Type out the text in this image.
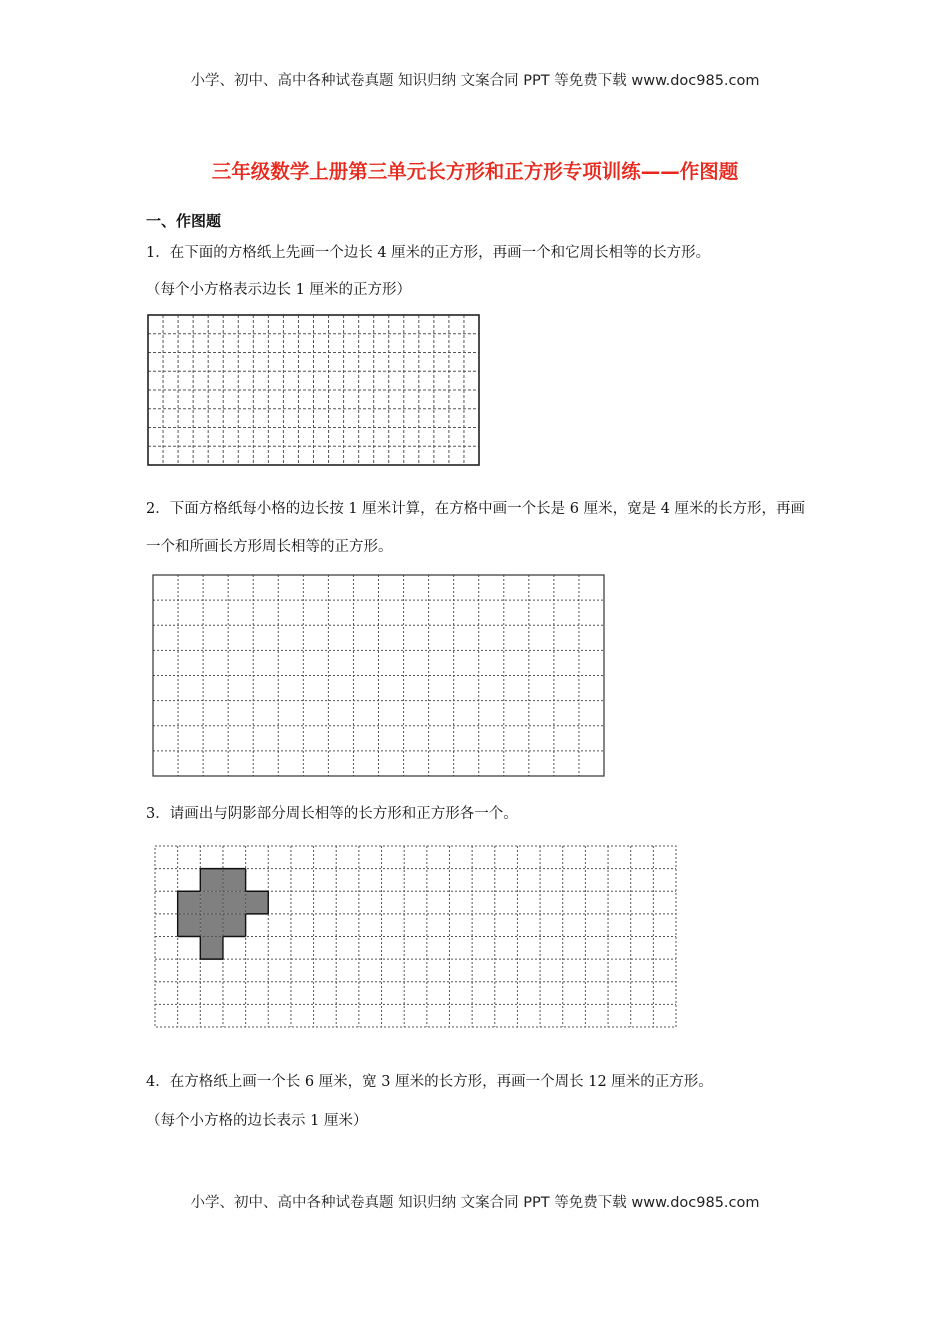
小学、初中、高中各种试卷真题 知识归纳 文案合同 PPT 等免费下载 www.doc985.com
三年级数学上册第三单元长方形和正方形专项训练——作图题
一、作图题
1．在下面的方格纸上先画一个边长 4 厘米的正方形，再画一个和它周长相等的长方形。
（每个小方格表示边长 1 厘米的正方形）
2．下面方格纸每小格的边长按 1 厘米计算，在方格中画一个长是 6 厘米，宽是 4 厘米的长方形，再画一个和所画长方形周长相等的正方形。
3．请画出与阴影部分周长相等的长方形和正方形各一个。
4．在方格纸上画一个长 6 厘米，宽 3 厘米的长方形，再画一个周长 12 厘米的正方形。
（每个小方格的边长表示 1 厘米）
小学、初中、高中各种试卷真题 知识归纳 文案合同 PPT 等免费下载 www.doc985.com
